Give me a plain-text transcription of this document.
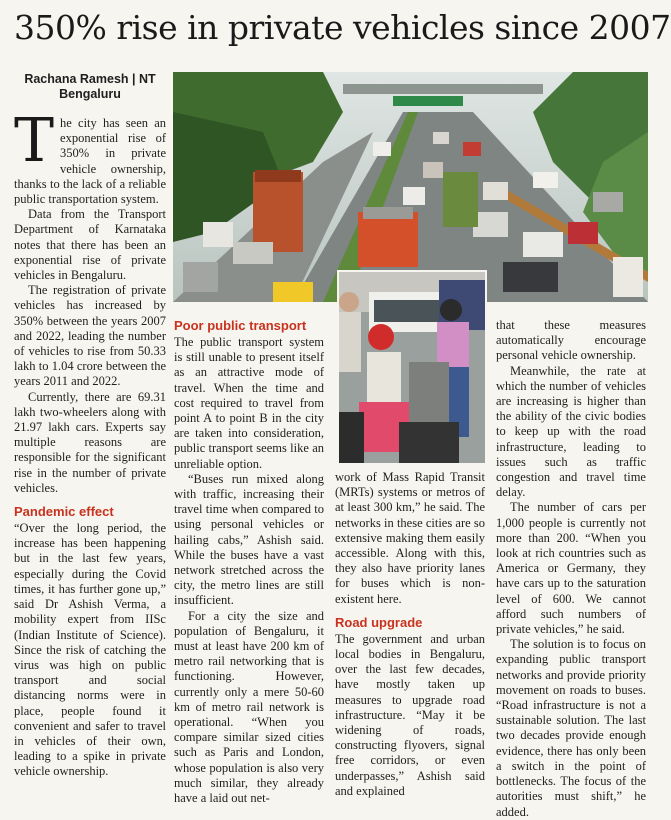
350% rise in private vehicles since 2007
Rachana Ramesh | NT Bengaluru

The city has seen an exponential rise of 350% in private vehicle ownership, thanks to the lack of a reliable public transportation system.

Data from the Transport Department of Karnataka notes that there has been an exponential rise of private vehicles in Bengaluru.

The registration of private vehicles has increased by 350% between the years 2007 and 2022, leading the number of vehicles to rise from 50.33 lakh to 1.04 crore between the years 2011 and 2022.

Currently, there are 69.31 lakh two-wheelers along with 21.97 lakh cars. Experts say multiple reasons are responsible for the significant rise in the number of private vehicles.

Pandemic effect

“Over the long period, the increase has been happening but in the last few years, especially during the Covid times, it has further gone up,” said Dr Ashish Verma, a mobility expert from IISc (Indian Institute of Science). Since the risk of catching the virus was high on public transport and social distancing norms were in place, people found it convenient and safer to travel in vehicles of their own, leading to a spike in private vehicle ownership.

Poor public transport

The public transport system is still unable to present itself as an attractive mode of travel. When the time and cost required to travel from point A to point B in the city are taken into consideration, public transport seems like an unreliable option.

“Buses run mixed along with traffic, increasing their travel time when compared to using personal vehicles or hailing cabs,” Ashish said. While the buses have a vast network stretched across the city, the metro lines are still insufficient.

For a city the size and population of Bengaluru, it must at least have 200 km of metro rail networking that is functioning. However, currently only a mere 50-60 km of metro rail network is operational. “When you compare similar sized cities such as Paris and London, whose population is also very much similar, they already have a laid out net-

work of Mass Rapid Transit (MRTs) systems or metros of at least 300 km,” he said. The networks in these cities are so extensive making them easily accessible. Along with this, they also have priority lanes for buses which is non-existent here.

Road upgrade

The government and urban local bodies in Bengaluru, over the last few decades, have mostly taken up measures to upgrade road infrastructure. “May it be widening of roads, constructing flyovers, signal free corridors, or even underpasses,” Ashish said and explained

that these measures automatically encourage personal vehicle ownership.

Meanwhile, the rate at which the number of vehicles are increasing is higher than the ability of the civic bodies to keep up with the road infrastructure, leading to issues such as traffic congestion and travel time delay.

The number of cars per 1,000 people is currently not more than 200. “When you look at rich countries such as America or Germany, they have cars up to the saturation level of 600. We cannot afford such numbers of private vehicles,” he said.

The solution is to focus on expanding public transport networks and provide priority movement on roads to buses. “Road infrastructure is not a sustainable solution. The last two decades provide enough evidence, there has only been a switch in the point of bottlenecks. The focus of the autorities must shift,” he added.
